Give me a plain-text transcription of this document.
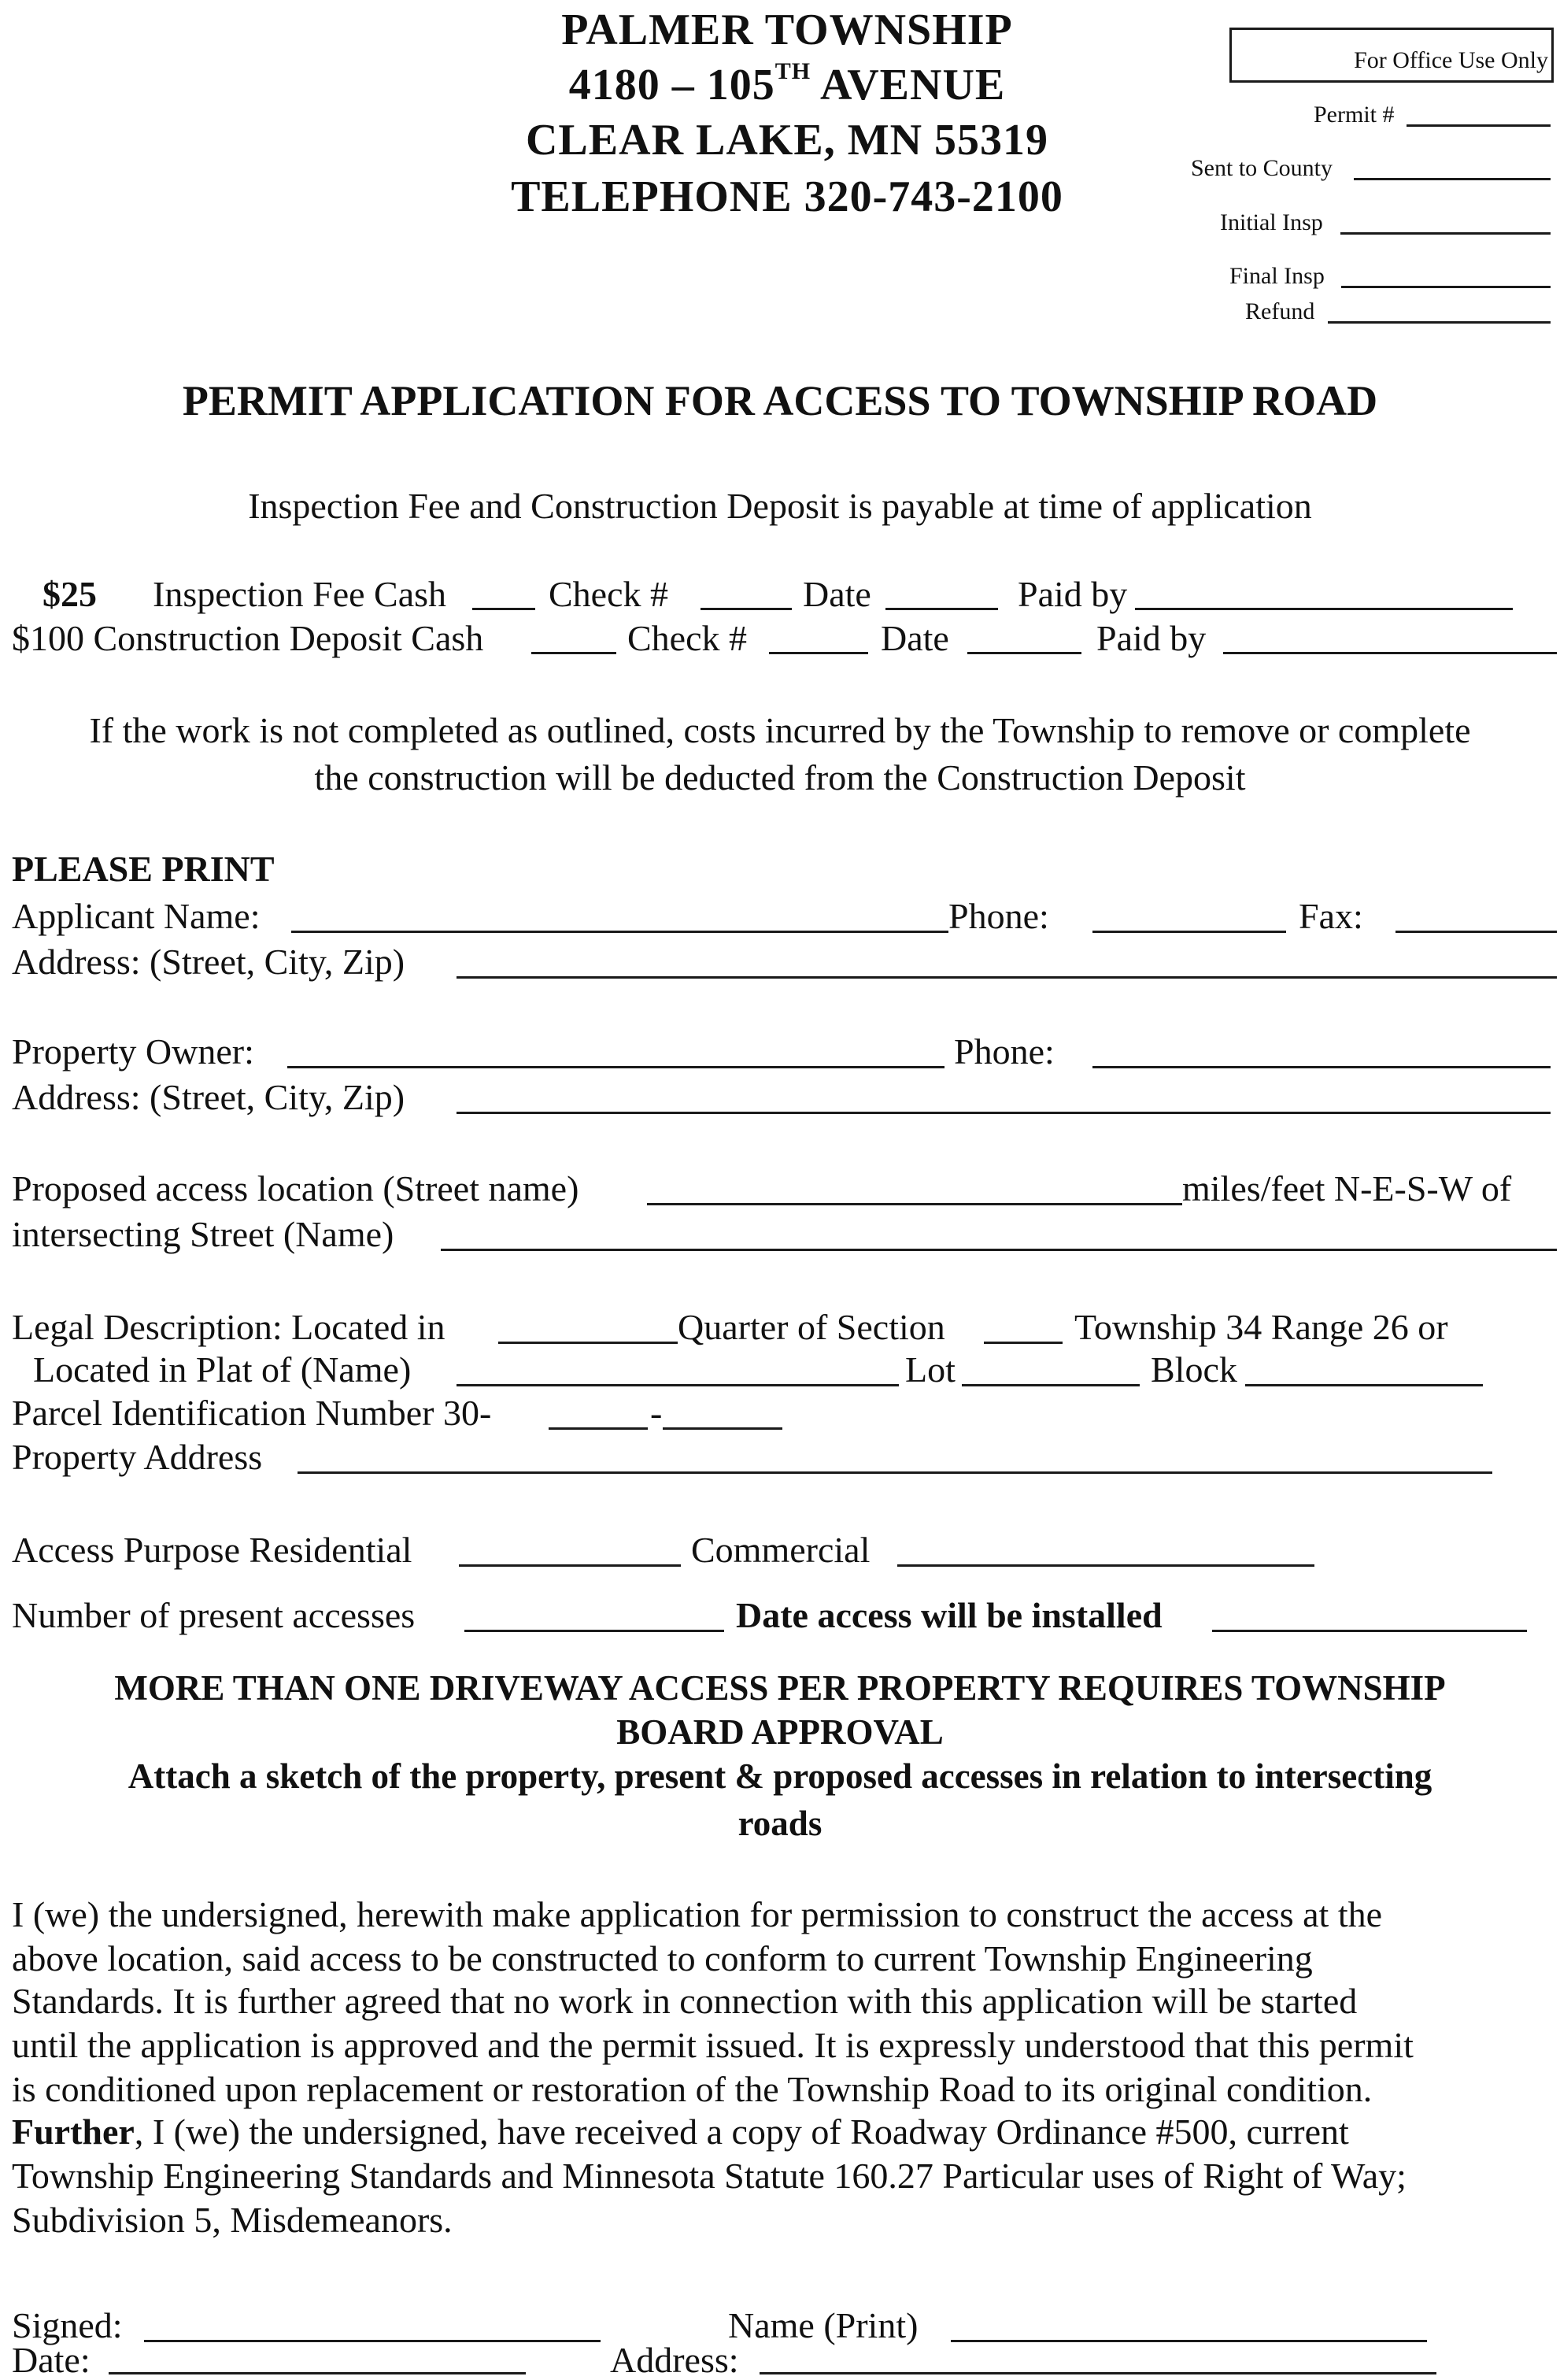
PALMER TOWNSHIP
4180 – 105TH AVENUE
CLEAR LAKE, MN 55319
TELEPHONE 320-743-2100
For Office Use Only
Permit #
Sent to County
Initial Insp
Final Insp
Refund
PERMIT APPLICATION FOR ACCESS TO TOWNSHIP ROAD
Inspection Fee and Construction Deposit is payable at time of application
$25 Inspection Fee Cash	Check #	Date	Paid by
$100 Construction Deposit Cash	Check #	Date	Paid by
If the work is not completed as outlined, costs incurred by the Township to remove or complete
the construction will be deducted from the Construction Deposit
PLEASE PRINT
Applicant Name:	Phone:	Fax:
Address: (Street, City, Zip)
Property Owner:	Phone:
Address: (Street, City, Zip)
Proposed access location (Street name)	miles/feet N-E-S-W of
intersecting Street (Name)
Legal Description: Located in	Quarter of Section	Township 34 Range 26 or
Located in Plat of (Name)	Lot	Block
Parcel Identification Number 30-	-
Property Address
Access Purpose Residential	Commercial
Number of present accesses	Date access will be installed
MORE THAN ONE DRIVEWAY ACCESS PER PROPERTY REQUIRES TOWNSHIP
BOARD APPROVAL
Attach a sketch of the property, present & proposed accesses in relation to intersecting
roads
I (we) the undersigned, herewith make application for permission to construct the access at the
above location, said access to be constructed to conform to current Township Engineering
Standards. It is further agreed that no work in connection with this application will be started
until the application is approved and the permit issued. It is expressly understood that this permit
is conditioned upon replacement or restoration of the Township Road to its original condition.
Further, I (we) the undersigned, have received a copy of Roadway Ordinance #500, current
Township Engineering Standards and Minnesota Statute 160.27 Particular uses of Right of Way;
Subdivision 5, Misdemeanors.
Signed:	Name (Print)
Date:	Address:
